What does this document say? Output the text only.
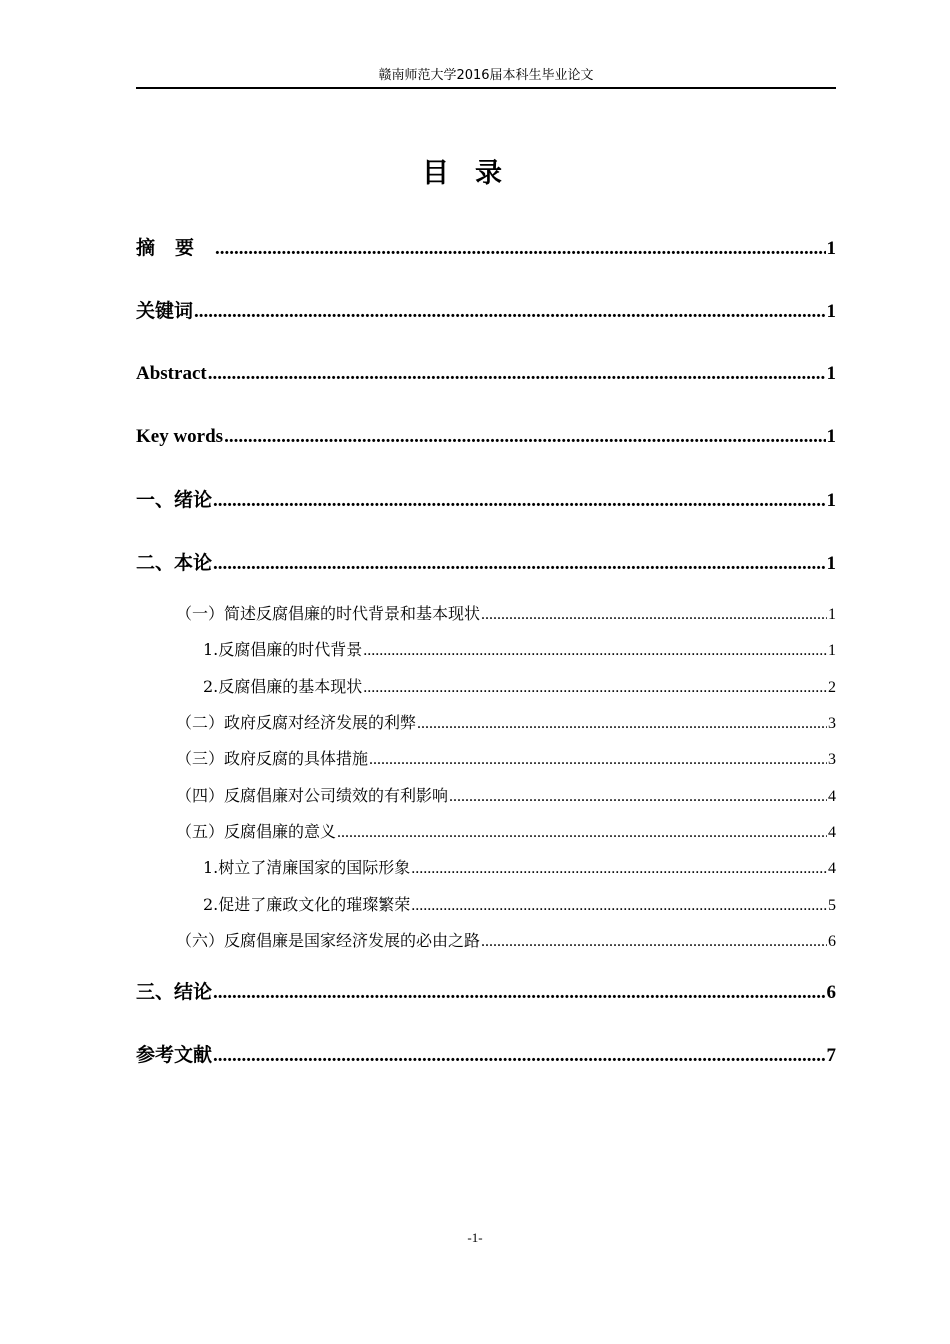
赣南师范大学2016届本科生毕业论文
目录
摘要 .....	1
关键词 .....	1
Abstract .....	1
Key words .....	1
一、绪论 .....	1
二、本论 .....	1
（一）简述反腐倡廉的时代背景和基本现状 .....	1
1.反腐倡廉的时代背景 .....	1
2.反腐倡廉的基本现状 .....	2
（二）政府反腐对经济发展的利弊 .....	3
（三）政府反腐的具体措施 .....	3
（四）反腐倡廉对公司绩效的有利影响 .....	4
（五）反腐倡廉的意义 .....	4
1.树立了清廉国家的国际形象 .....	4
2.促进了廉政文化的璀璨繁荣 .....	5
（六）反腐倡廉是国家经济发展的必由之路 .....	6
三、结论 .....	6
参考文献 .....	7
-1-
